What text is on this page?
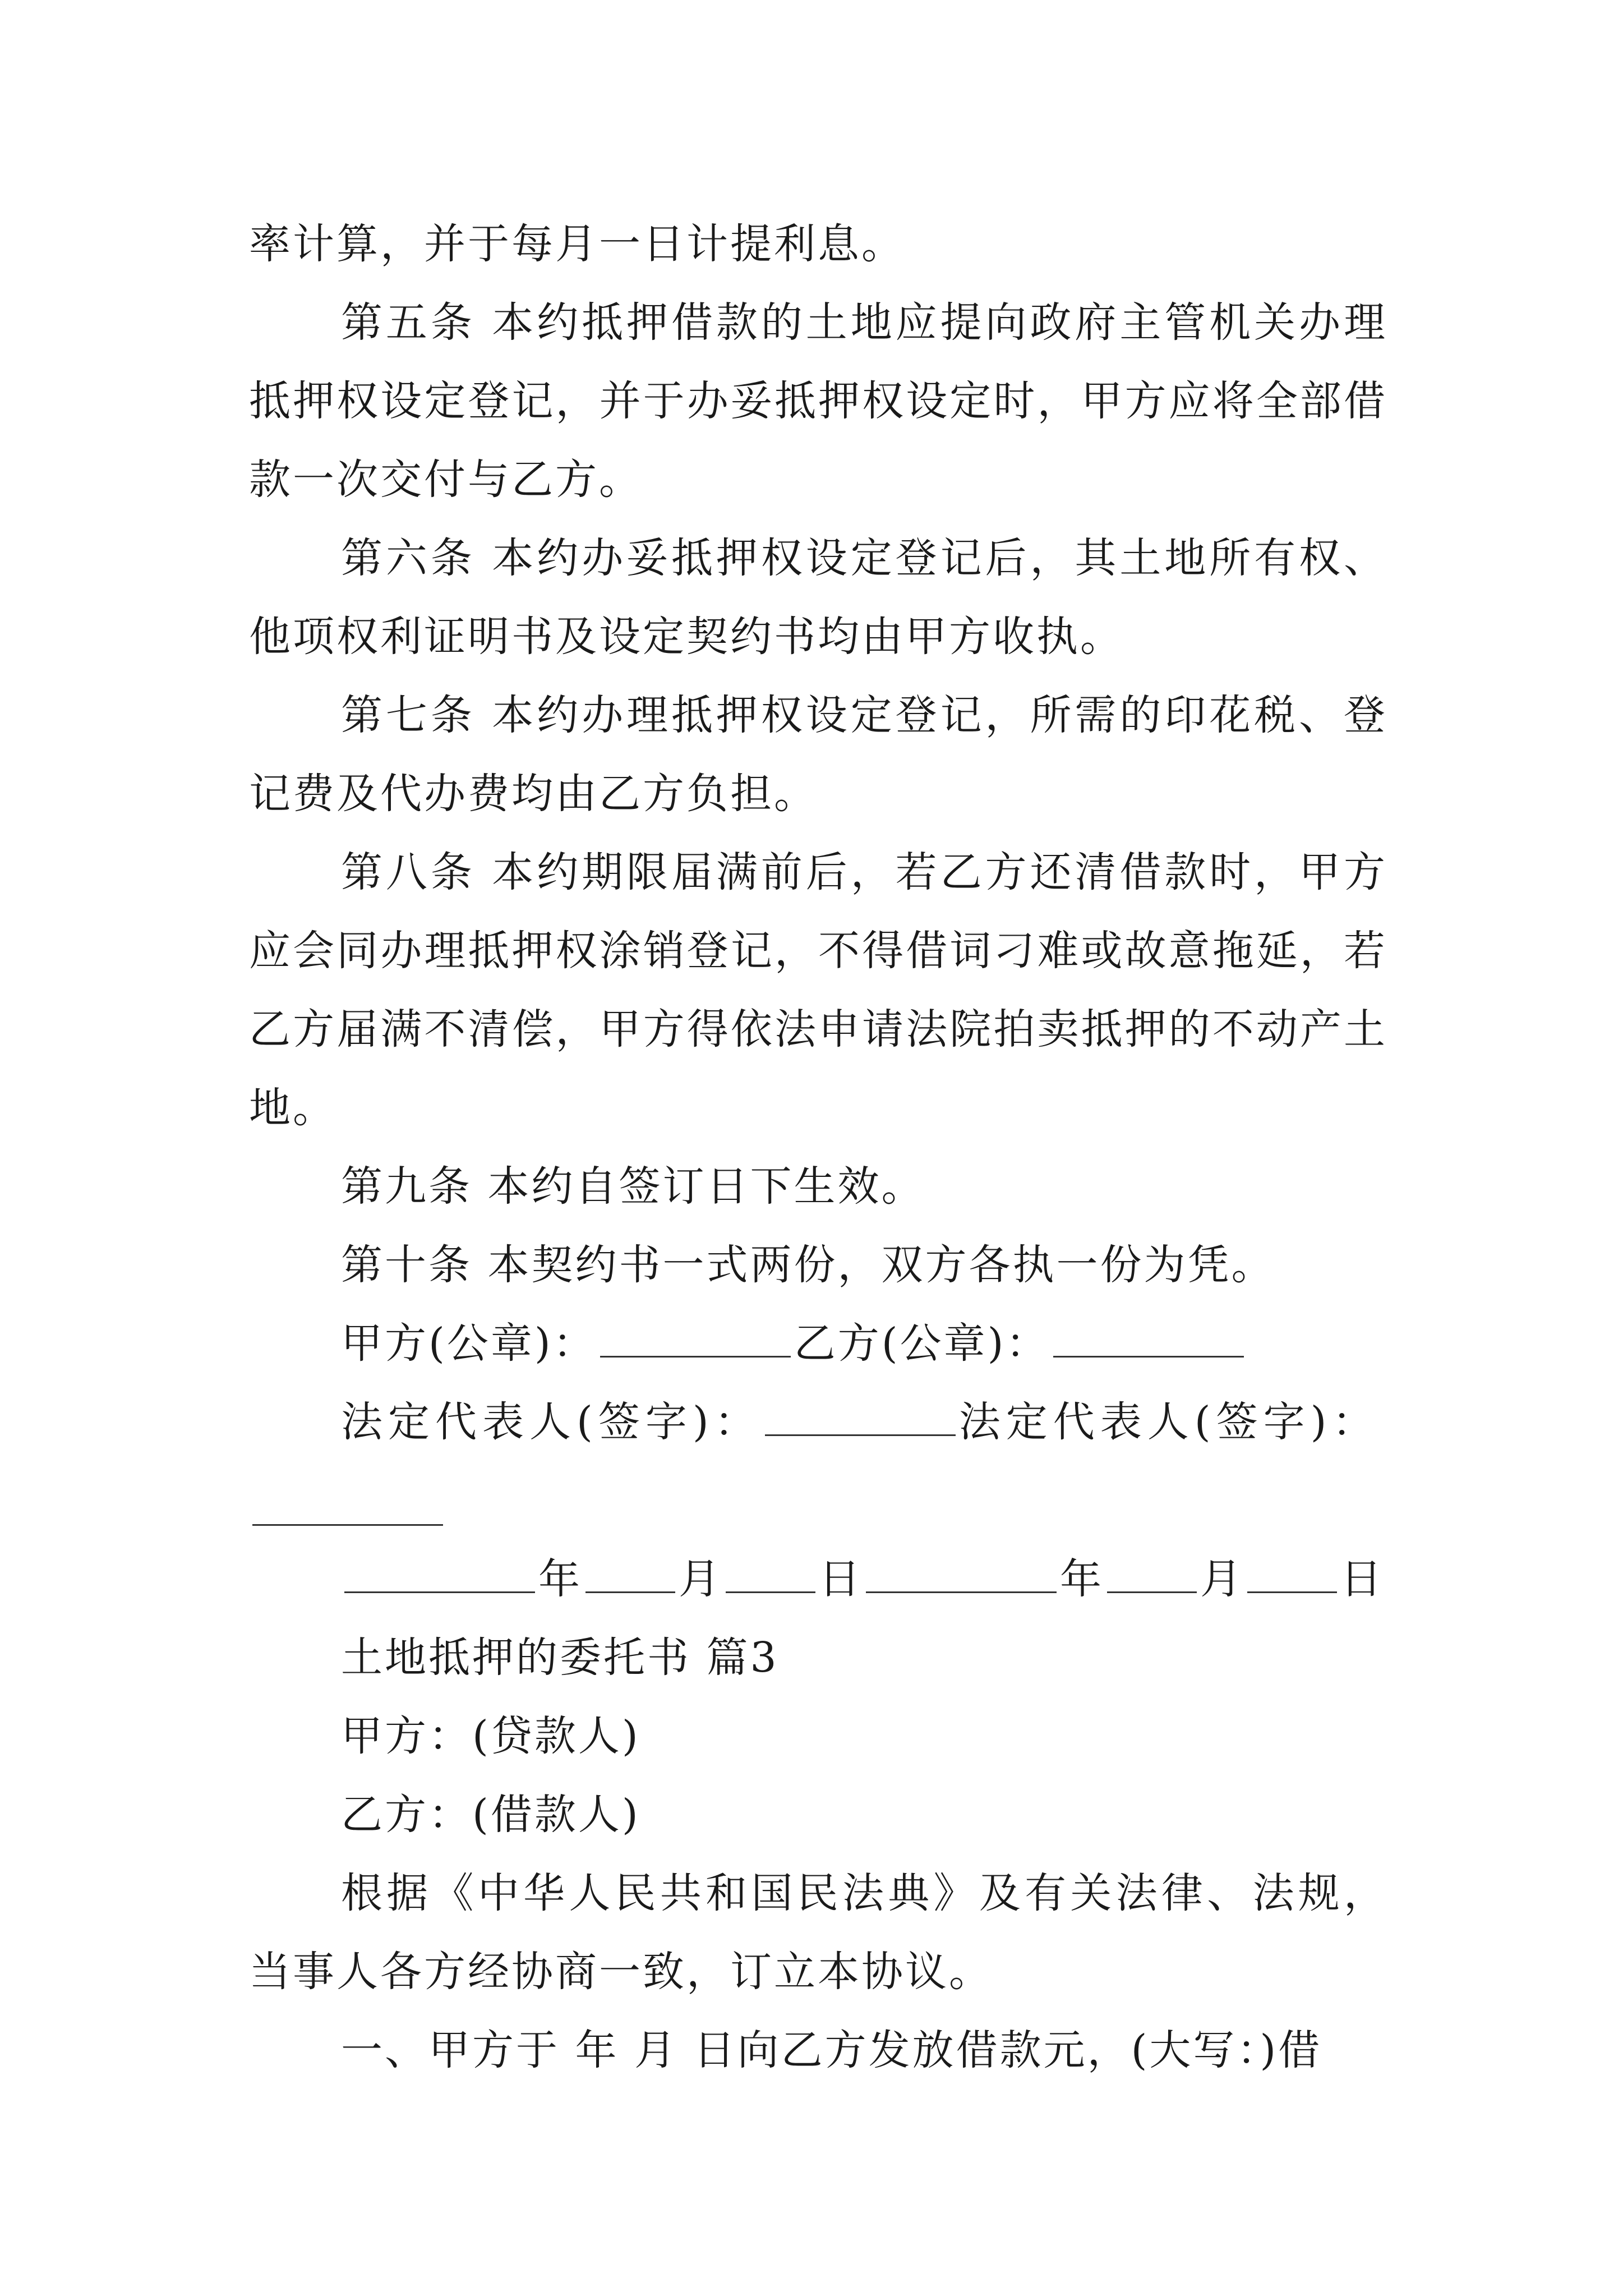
率计算，并于每月一日计提利息。

第五条 本约抵押借款的土地应提向政府主管机关办理抵押权设定登记，并于办妥抵押权设定时，甲方应将全部借款一次交付与乙方。

第六条 本约办妥抵押权设定登记后，其土地所有权、他项权利证明书及设定契约书均由甲方收执。

第七条 本约办理抵押权设定登记，所需的印花税、登记费及代办费均由乙方负担。

第八条 本约期限届满前后，若乙方还清借款时，甲方应会同办理抵押权涂销登记，不得借词刁难或故意拖延，若乙方届满不清偿，甲方得依法申请法院拍卖抵押的不动产土地。

第九条 本约自签订日下生效。

第十条 本契约书一式两份，双方各执一份为凭。

甲方(公章)：	乙方(公章)：

法定代表人(签字)：	法定代表人(签字)：

年 月 日	年 月 日

土地抵押的委托书 篇3

甲方：(贷款人)

乙方：(借款人)

根据《中华人民共和国民法典》及有关法律、法规，当事人各方经协商一致，订立本协议。

一、甲方于 年 月 日向乙方发放借款元，(大写：)借
